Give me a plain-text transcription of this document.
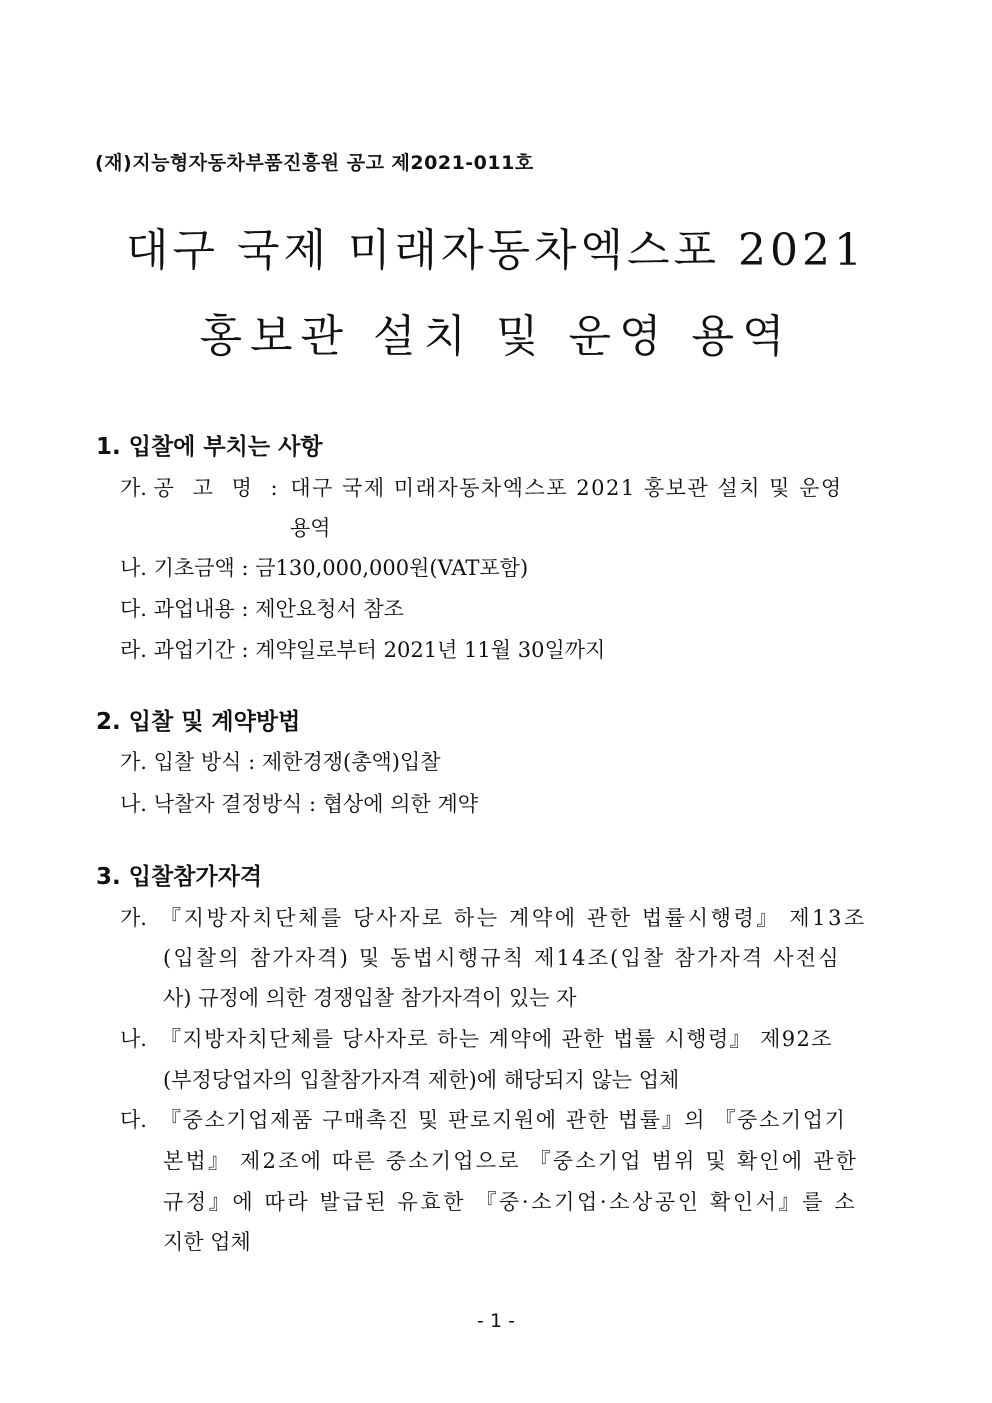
(재)지능형자동차부품진흥원 공고 제2021-011호
대구 국제 미래자동차엑스포 2021
홍보관 설치 및 운영 용역
1. 입찰에 부치는 사항
가. 공 고 명 : 대구 국제 미래자동차엑스포 2021 홍보관 설치 및 운영
용역
나. 기초금액 : 금130,000,000원(VAT포함)
다. 과업내용 : 제안요청서 참조
라. 과업기간 : 계약일로부터 2021년 11월 30일까지
2. 입찰 및 계약방법
가. 입찰 방식 : 제한경쟁(총액)입찰
나. 낙찰자 결정방식 : 협상에 의한 계약
3. 입찰참가자격
가. 『지방자치단체를 당사자로 하는 계약에 관한 법률시행령』 제13조
(입찰의 참가자격) 및 동법시행규칙 제14조(입찰 참가자격 사전심
사) 규정에 의한 경쟁입찰 참가자격이 있는 자
나. 『지방자치단체를 당사자로 하는 계약에 관한 법률 시행령』 제92조
(부정당업자의 입찰참가자격 제한)에 해당되지 않는 업체
다. 『중소기업제품 구매촉진 및 판로지원에 관한 법률』의 『중소기업기
본법』 제2조에 따른 중소기업으로 『중소기업 범위 및 확인에 관한
규정』에 따라 발급된 유효한 『중·소기업·소상공인 확인서』를 소
지한 업체
- 1 -
